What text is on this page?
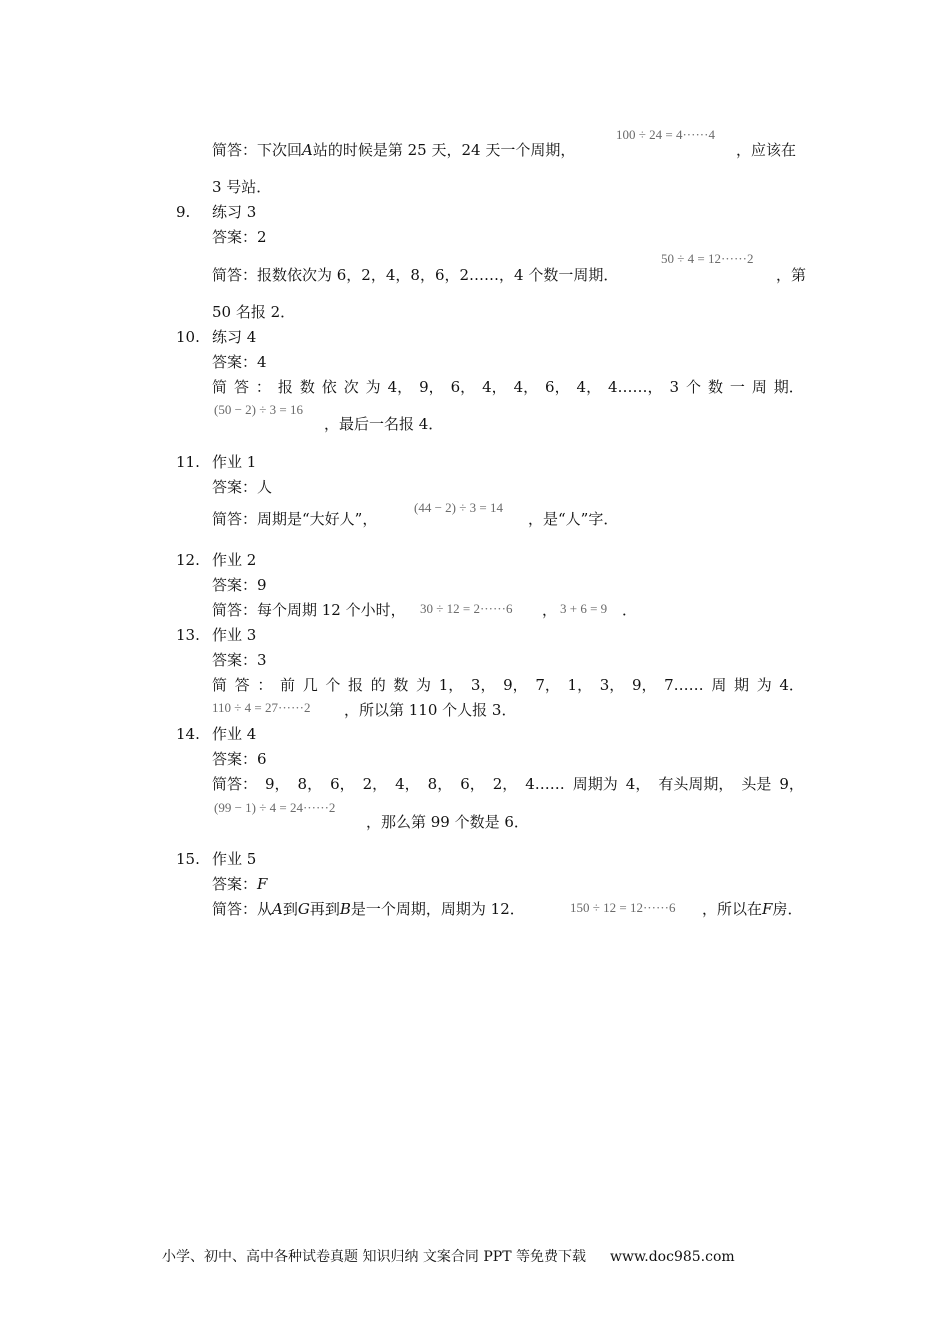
简答：下次回A站的时候是第 25 天，24 天一个周期，
100 ÷ 24 = 4······4
，应该在
3 号站．
9. 练习 3
答案：2
简答：报数依次为 6，2，4，8，6，2……，4 个数一周期．
50 ÷ 4 = 12······2
，第
50 名报 2．
10. 练习 4
答案：4
简 答 ： 报 数 依 次 为 4， 9， 6， 4， 4， 6， 4， 4……， 3 个 数 一 周 期．
(50 − 2) ÷ 3 = 16
，最后一名报 4．
11. 作业 1
答案：人
简答：周期是“大好人”，
(44 − 2) ÷ 3 = 14
，是“人”字．
12. 作业 2
答案：9
简答：每个周期 12 个小时， 30 ÷ 12 = 2······6 ， 3 + 6 = 9 ．
13. 作业 3
答案：3
简 答 ： 前 几 个 报 的 数 为 1， 3， 9， 7， 1， 3， 9， 7…… 周 期 为 4．
110 ÷ 4 = 27······2 ，所以第 110 个人报 3．
14. 作业 4
答案：6
简答： 9， 8， 6， 2， 4， 8， 6， 2， 4…… 周期为 4， 有头周期， 头是 9，
(99 − 1) ÷ 4 = 24······2
，那么第 99 个数是 6．
15. 作业 5
答案：F
简答：从A到G再到B是一个周期，周期为 12．	150 ÷ 12 = 12······6 ，所以在F房．
小学、初中、高中各种试卷真题 知识归纳 文案合同 PPT 等免费下载 www.doc985.com
